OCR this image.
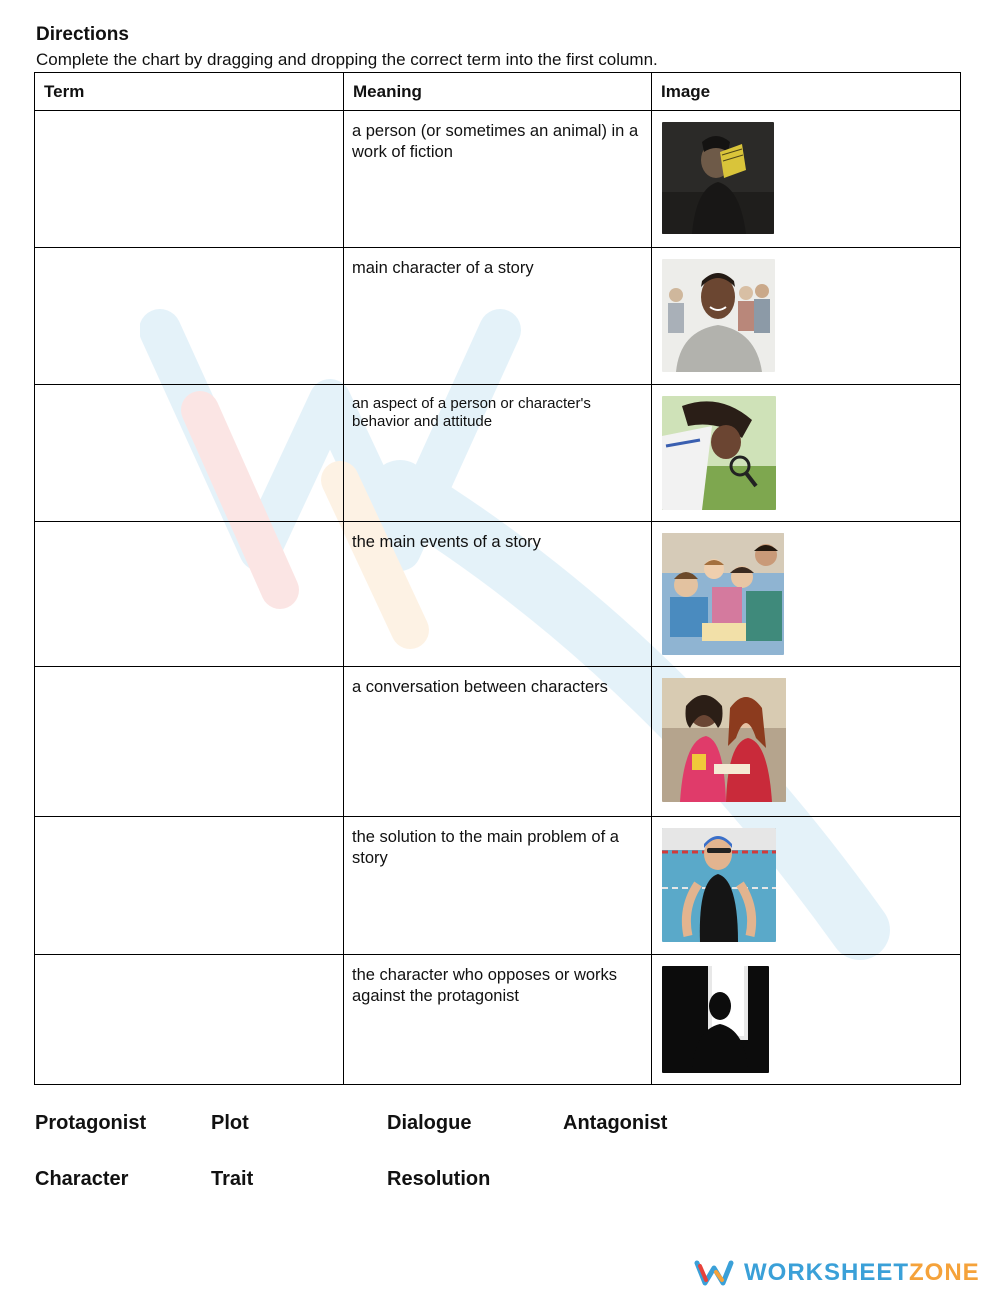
Directions
Complete the chart by dragging and dropping the correct term into the first column.
Term	Meaning	Image

	a person (or sometimes an animal) in a work of fiction	

	main character of a story	

	an aspect of a person or character's behavior and attitude	

	the main events of a story	

	a conversation between characters	

	the solution to the main problem of a story	

	the character who opposes or works against the protagonist	
Protagonist	Plot	Dialogue	Antagonist
Character	Trait	Resolution
WORKSHEETZONE
